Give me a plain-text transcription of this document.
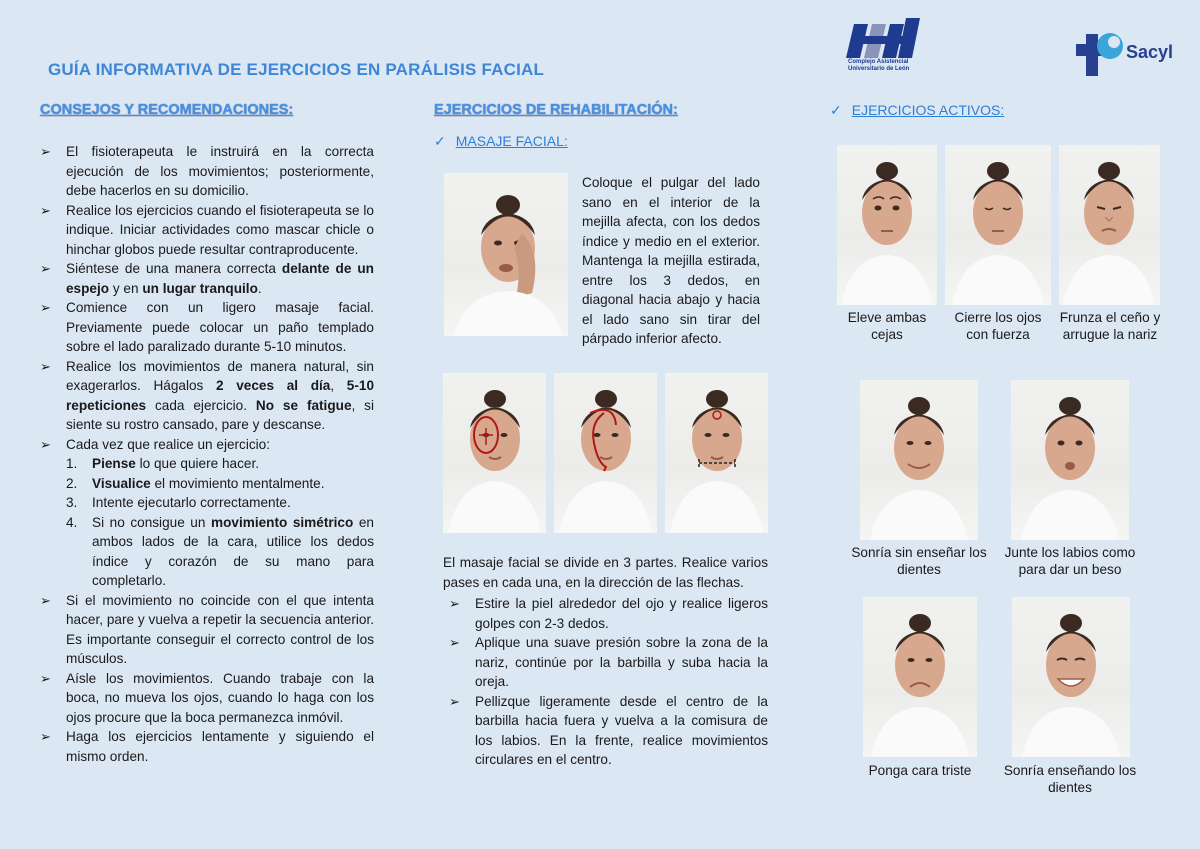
GUÍA INFORMATIVA DE EJERCICIOS EN PARÁLISIS FACIAL	Complejo Asistencial Universitario de León
Sacyl
CONSEJOS Y RECOMENDACIONES:
➢ El fisioterapeuta le instruirá en la correcta ejecución de los movimientos; posteriormente, debe hacerlos en su domicilio.
➢ Realice los ejercicios cuando el fisioterapeuta se lo indique. Iniciar actividades como mascar chicle o hinchar globos puede resultar contraproducente.
➢ Siéntese de una manera correcta delante de un espejo y en un lugar tranquilo.
➢ Comience con un ligero masaje facial. Previamente puede colocar un paño templado sobre el lado paralizado durante 5-10 minutos.
➢ Realice los movimientos de manera natural, sin exagerarlos. Hágalos 2 veces al día, 5-10 repeticiones cada ejercicio. No se fatigue, si siente su rostro cansado, pare y descanse.
➢ Cada vez que realice un ejercicio:
1. Piense lo que quiere hacer.
2. Visualice el movimiento mentalmente.
3. Intente ejecutarlo correctamente.
4. Si no consigue un movimiento simétrico en ambos lados de la cara, utilice los dedos índice y corazón de su mano para completarlo.
➢ Si el movimiento no coincide con el que intenta hacer, pare y vuelva a repetir la secuencia anterior. Es importante conseguir el correcto control de los músculos.
➢ Aísle los movimientos. Cuando trabaje con la boca, no mueva los ojos, cuando lo haga con los ojos procure que la boca permanezca inmóvil.
➢ Haga los ejercicios lentamente y siguiendo el mismo orden.
EJERCICIOS DE REHABILITACIÓN:
✓ MASAJE FACIAL:
Coloque el pulgar del lado sano en el interior de la mejilla afecta, con los dedos índice y medio en el exterior. Mantenga la mejilla estirada, entre los 3 dedos, en diagonal hacia abajo y hacia el lado sano sin tirar del párpado inferior afecto.
El masaje facial se divide en 3 partes. Realice varios pases en cada una, en la dirección de las flechas.
➢ Estire la piel alrededor del ojo y realice ligeros golpes con 2-3 dedos.
➢ Aplique una suave presión sobre la zona de la nariz, continúe por la barbilla y suba hacia la oreja.
➢ Pellizque ligeramente desde el centro de la barbilla hacia fuera y vuelva a la comisura de los labios. En la frente, realice movimientos circulares en el centro.
✓ EJERCICIOS ACTIVOS:
Eleve ambas cejas
Cierre los ojos con fuerza
Frunza el ceño y arrugue la nariz
Sonría sin enseñar los dientes
Junte los labios como para dar un beso
Ponga cara triste	Sonría enseñando los dientes
